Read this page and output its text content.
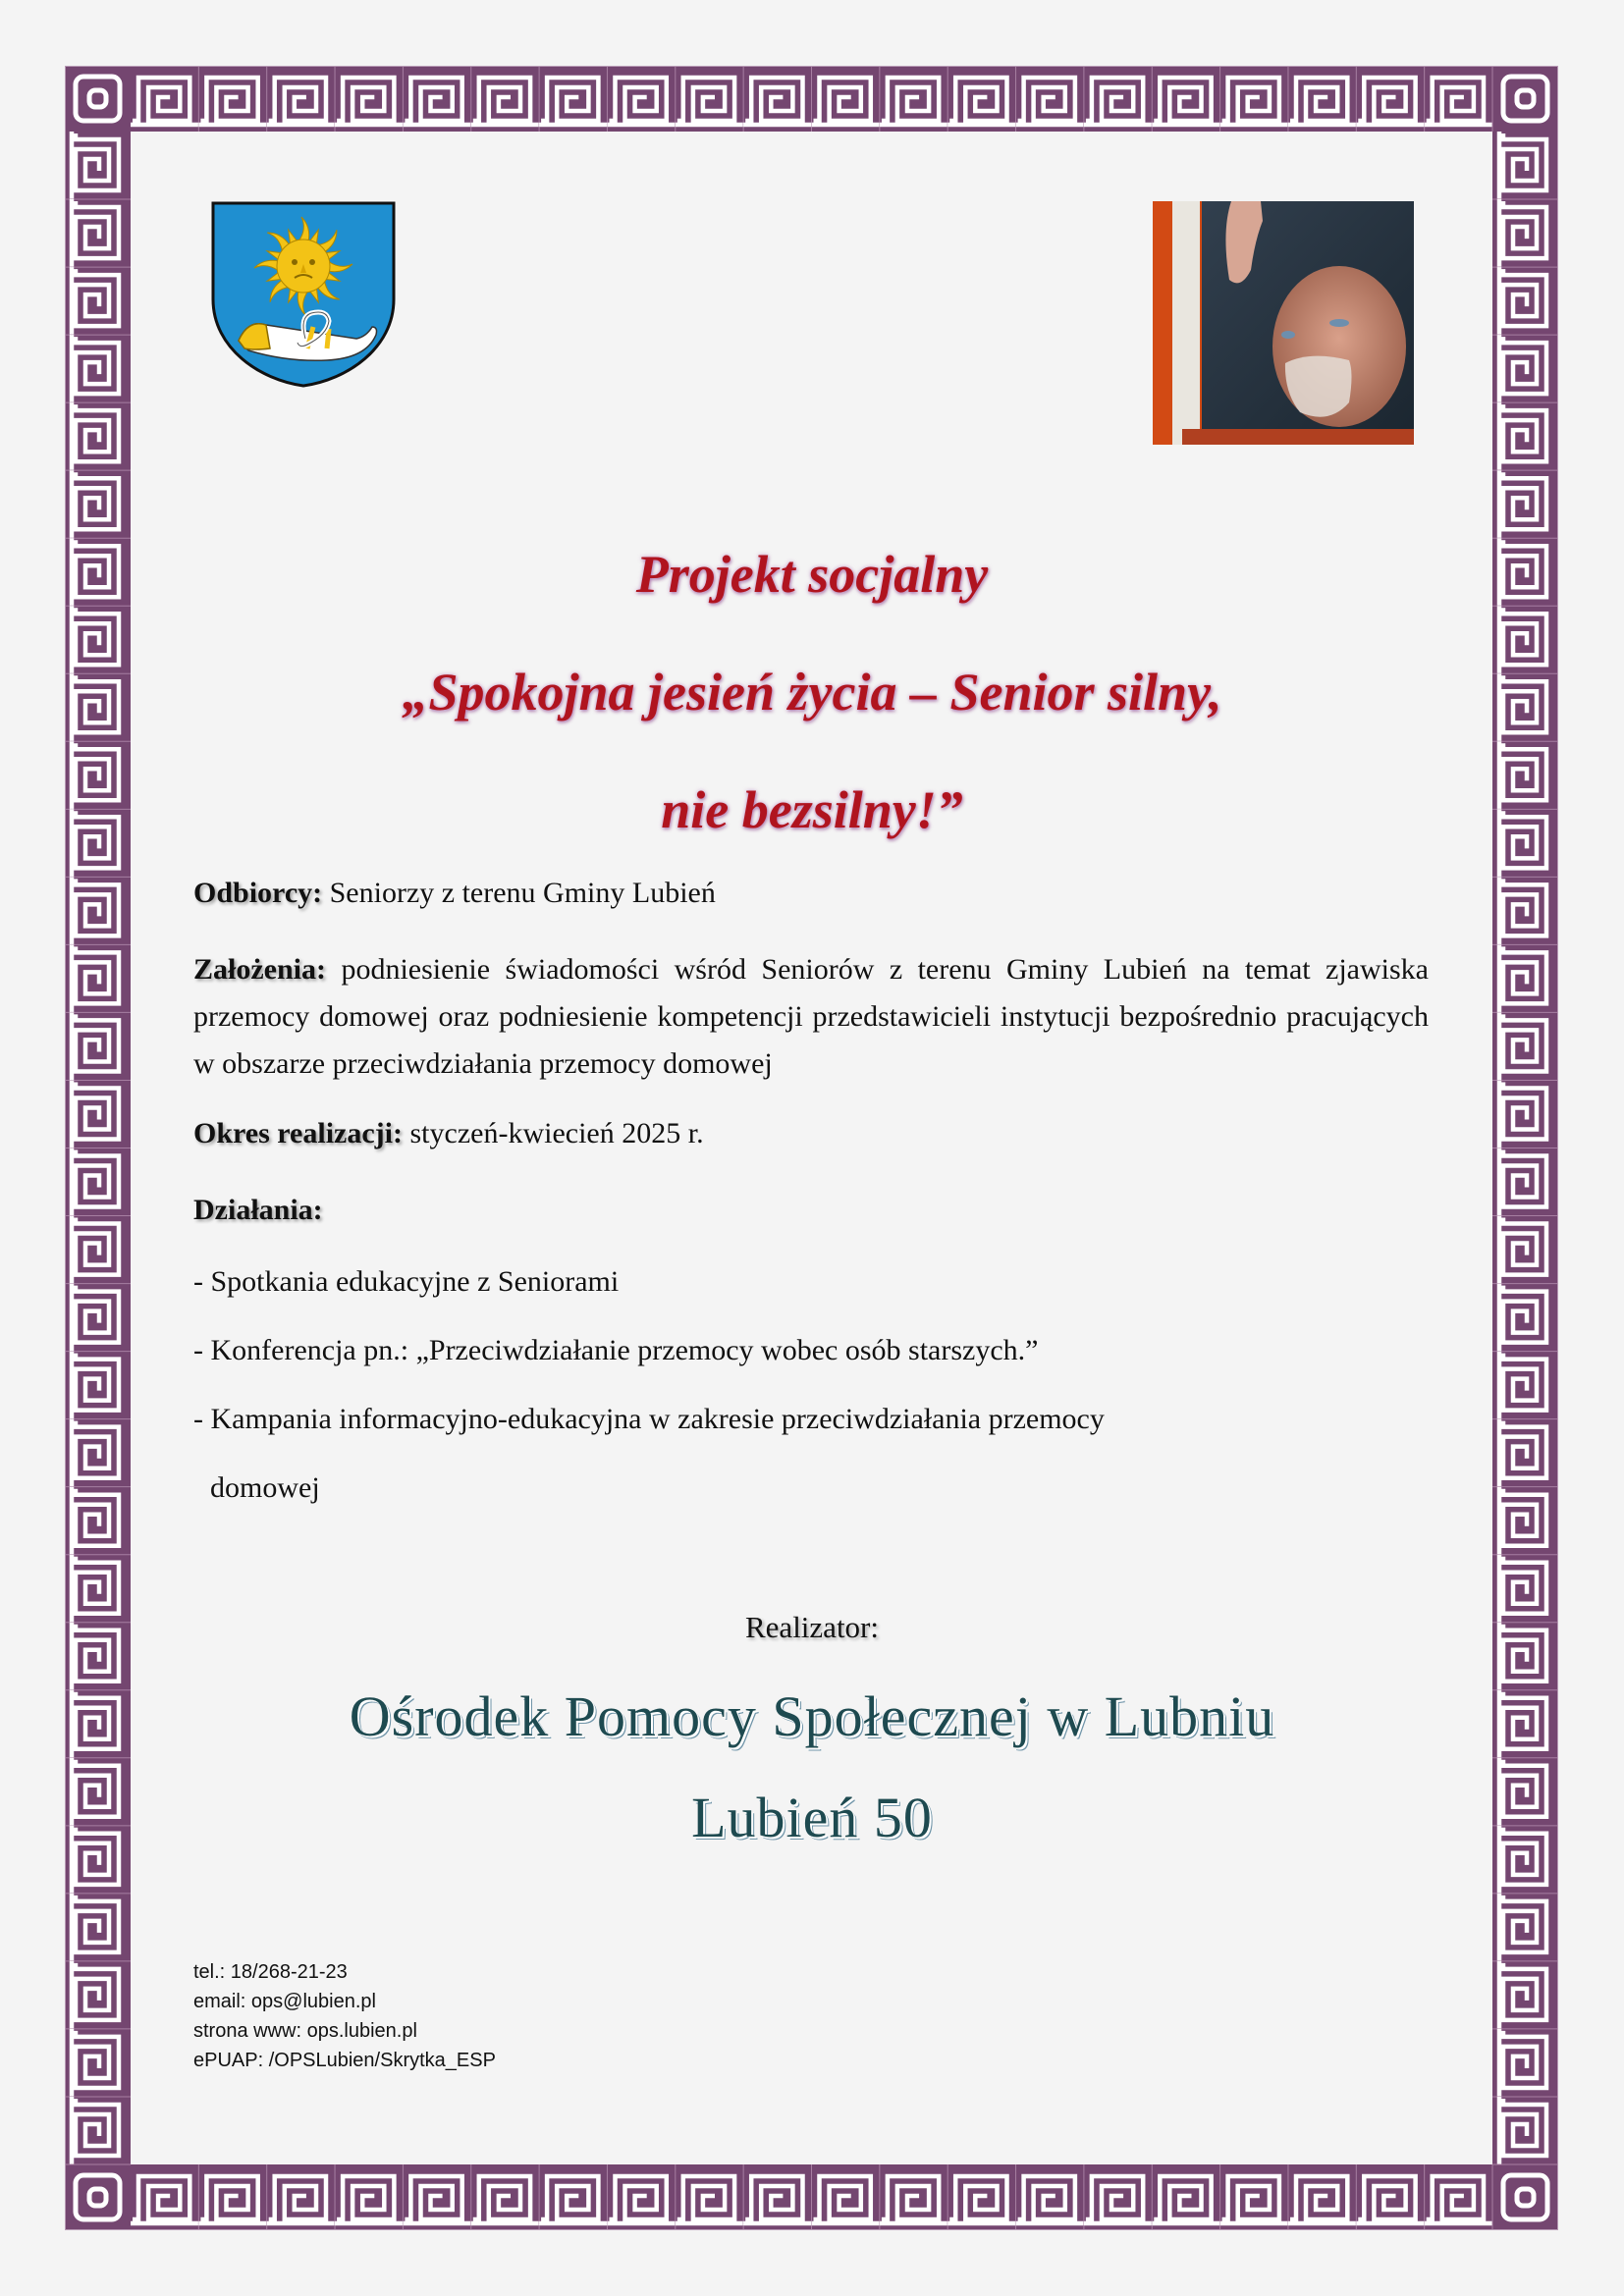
Projekt socjalny
„Spokojna jesień życia – Senior silny,
nie bezsilny!”

Odbiorcy: Seniorzy z terenu Gminy Lubień

Założenia: podniesienie świadomości wśród Seniorów z terenu Gminy Lubień na temat zjawiska przemocy domowej oraz podniesienie kompetencji przedstawicieli instytucji bezpośrednio pracujących w obszarze przeciwdziałania przemocy domowej

Okres realizacji: styczeń-kwiecień 2025 r.

Działania:

- Spotkania edukacyjne z Seniorami
- Konferencja pn.: „Przeciwdziałanie przemocy wobec osób starszych.”
- Kampania informacyjno-edukacyjna w zakresie przeciwdziałania przemocy
domowej
Realizator:
Ośrodek Pomocy Społecznej w Lubniu
Lubień 50
tel.: 18/268-21-23
email: ops@lubien.pl
strona www: ops.lubien.pl
ePUAP: /OPSLubien/Skrytka_ESP
